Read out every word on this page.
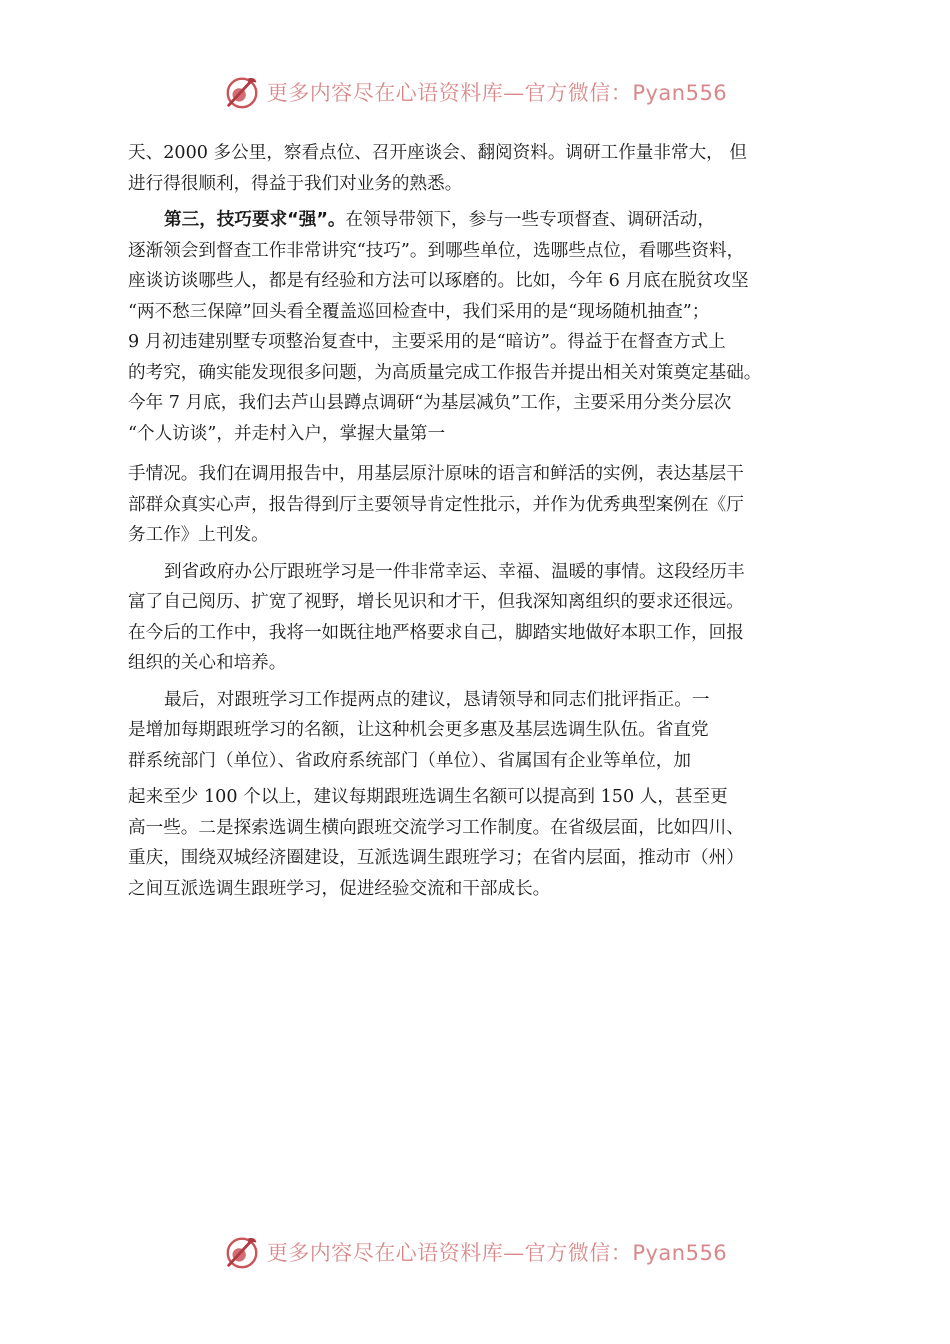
更多内容尽在心语资料库—官方微信：Pyan556
天、2000 多公里，察看点位、召开座谈会、翻阅资料。调研工作量非常大， 但
进行得很顺利，得益于我们对业务的熟悉。
第三，技巧要求“强”。在领导带领下，参与一些专项督查、调研活动，
逐渐领会到督查工作非常讲究“技巧”。到哪些单位，选哪些点位，看哪些资料，
座谈访谈哪些人，都是有经验和方法可以琢磨的。比如，今年 6 月底在脱贫攻坚
“两不愁三保障”回头看全覆盖巡回检查中，我们采用的是“现场随机抽查”；
9 月初违建别墅专项整治复查中，主要采用的是“暗访”。得益于在督查方式上
的考究，确实能发现很多问题，为高质量完成工作报告并提出相关对策奠定基础。
今年 7 月底，我们去芦山县蹲点调研“为基层减负”工作，主要采用分类分层次
“个人访谈”，并走村入户，掌握大量第一
手情况。我们在调用报告中，用基层原汁原味的语言和鲜活的实例，表达基层干
部群众真实心声，报告得到厅主要领导肯定性批示，并作为优秀典型案例在《厅
务工作》上刊发。
到省政府办公厅跟班学习是一件非常幸运、幸福、温暖的事情。这段经历丰
富了自己阅历、扩宽了视野，增长见识和才干，但我深知离组织的要求还很远。
在今后的工作中，我将一如既往地严格要求自己，脚踏实地做好本职工作，回报
组织的关心和培养。
最后，对跟班学习工作提两点的建议，恳请领导和同志们批评指正。一
是增加每期跟班学习的名额，让这种机会更多惠及基层选调生队伍。省直党
群系统部门（单位）、省政府系统部门（单位）、省属国有企业等单位，加
起来至少 100 个以上，建议每期跟班选调生名额可以提高到 150 人，甚至更
高一些。二是探索选调生横向跟班交流学习工作制度。在省级层面，比如四川、
重庆，围绕双城经济圈建设，互派选调生跟班学习；在省内层面，推动市（州）
之间互派选调生跟班学习，促进经验交流和干部成长。
更多内容尽在心语资料库—官方微信：Pyan556
